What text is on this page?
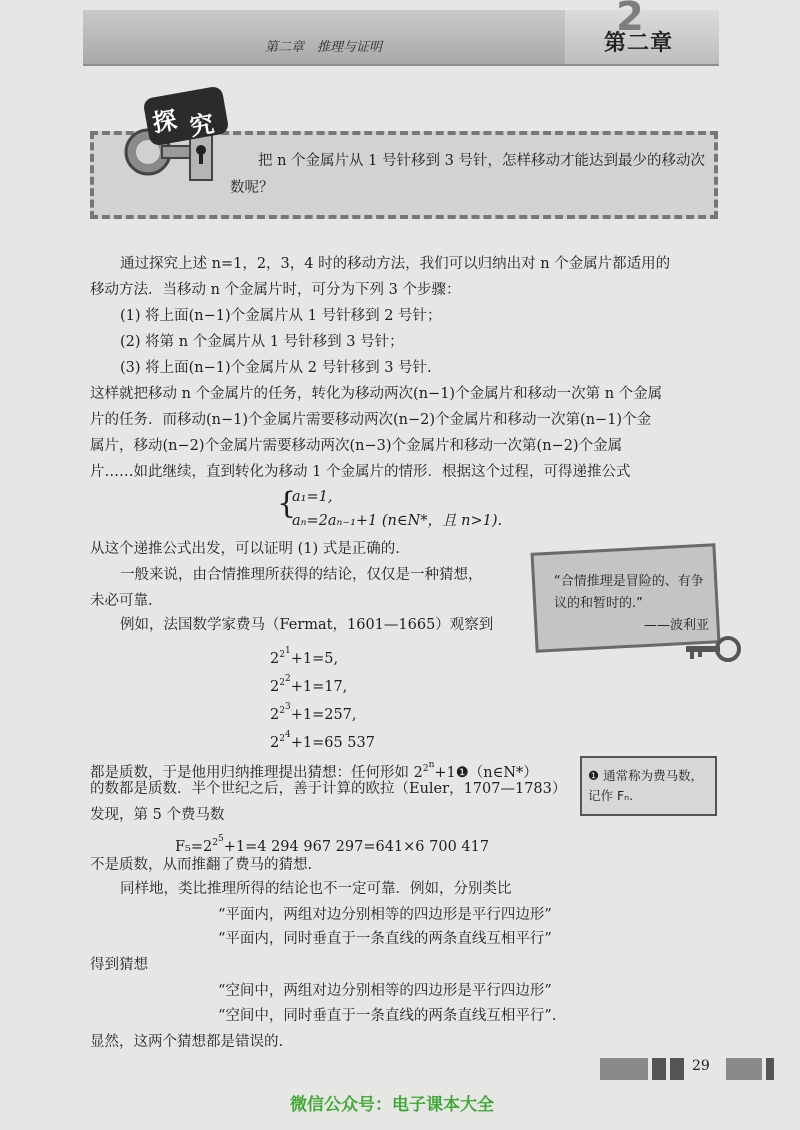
第二章　推理与证明
2
第二章
探 究
把 n 个金属片从 1 号针移到 3 号针，怎样移动才能达到最少的移动次数呢？
通过探究上述 n=1，2，3，4 时的移动方法，我们可以归纳出对 n 个金属片都适用的
移动方法．当移动 n 个金属片时，可分为下列 3 个步骤：
(1) 将上面(n−1)个金属片从 1 号针移到 2 号针；
(2) 将第 n 个金属片从 1 号针移到 3 号针；
(3) 将上面(n−1)个金属片从 2 号针移到 3 号针.
这样就把移动 n 个金属片的任务，转化为移动两次(n−1)个金属片和移动一次第 n 个金属
片的任务．而移动(n−1)个金属片需要移动两次(n−2)个金属片和移动一次第(n−1)个金
属片，移动(n−2)个金属片需要移动两次(n−3)个金属片和移动一次第(n−2)个金属
片……如此继续，直到转化为移动 1 个金属片的情形．根据这个过程，可得递推公式
{
a₁=1,
aₙ=2aₙ₋₁+1 (n∈N*，且 n>1).
从这个递推公式出发，可以证明 (1) 式是正确的.
一般来说，由合情推理所获得的结论，仅仅是一种猜想，
未必可靠.
例如，法国数学家费马（Fermat，1601—1665）观察到
$2^{2^1}+1=5$,
$2^{2^2}+1=17$,
$2^{2^3}+1=257$,
$2^{2^4}+1=65$ 537
都是质数，于是他用归纳推理提出猜想：任何形如 $2^{2^n}+1❶(n\in N*)$
的数都是质数．半个世纪之后，善于计算的欧拉（Euler，1707—1783）
发现，第 5 个费马数
$F_5=2^{2^5}+1=4$ 294 967 297=641×6 700 417
不是质数，从而推翻了费马的猜想.
同样地，类比推理所得的结论也不一定可靠．例如，分别类比
“平面内，两组对边分别相等的四边形是平行四边形”
“平面内，同时垂直于一条直线的两条直线互相平行”
得到猜想
“空间中，两组对边分别相等的四边形是平行四边形”
“空间中，同时垂直于一条直线的两条直线互相平行”.
显然，这两个猜想都是错误的.
“合情推理是冒险的、有争议的和暂时的.”
——波利亚
❶ 通常称为费马数，记作 Fₙ.
29
微信公众号：电子课本大全
